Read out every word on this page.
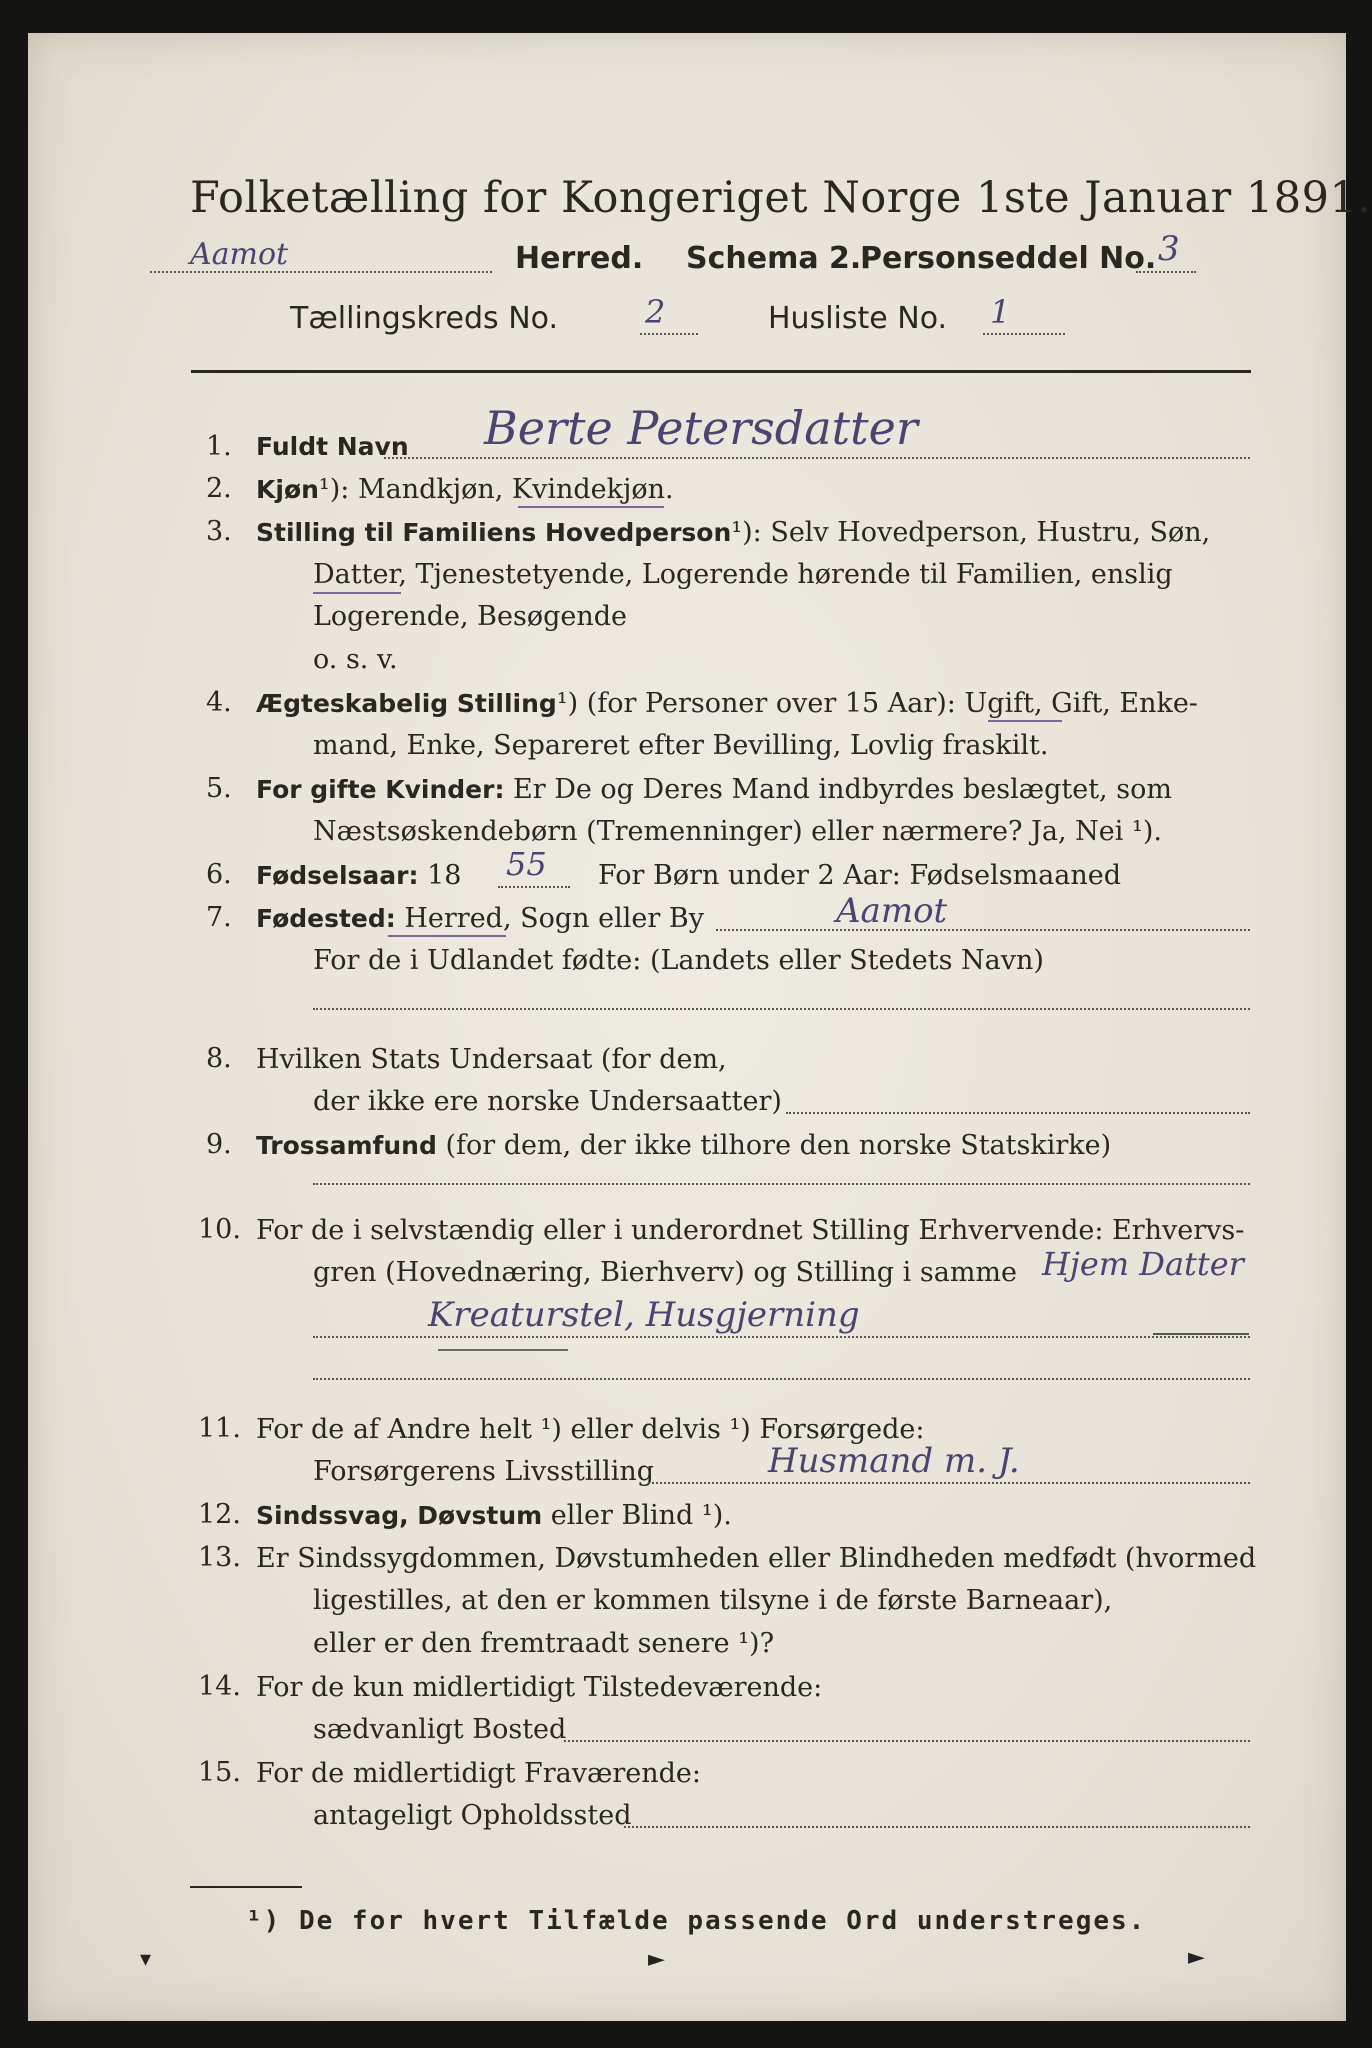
Folketælling for Kongeriget Norge 1ste Januar 1891.
Aamot	Herred. Schema 2.
Personseddel No. 3
Tællingskreds No.	2	Husliste No. 1
1. Fuldt Navn Berte Petersdatter
2. Kjøn¹): Mandkjøn, Kvindekjøn.
3. Stilling til Familiens Hovedperson¹): Selv Hovedperson, Hustru, Søn,
Datter, Tjenestetyende, Logerende hørende til Familien, enslig
Logerende, Besøgende
o. s. v.
4. Ægteskabelig Stilling¹) (for Personer over 15 Aar): Ugift, Gift, Enke-
mand, Enke, Separeret efter Bevilling, Lovlig fraskilt.
5. For gifte Kvinder: Er De og Deres Mand indbyrdes beslægtet, som
Næstsøskendebørn (Tremenninger) eller nærmere? Ja, Nei ¹).
6. Fødselsaar: 18 55 For Børn under 2 Aar: Fødselsmaaned
7. Fødested: Herred, Sogn eller By	Aamot
For de i Udlandet fødte: (Landets eller Stedets Navn)
8. Hvilken Stats Undersaat (for dem,
der ikke ere norske Undersaatter)
9. Trossamfund (for dem, der ikke tilhore den norske Statskirke)
10. For de i selvstændig eller i underordnet Stilling Erhvervende: Erhvervs-
gren (Hovednæring, Bierhverv) og Stilling i samme Hjem Datter
Kreaturstel, Husgjerning
11. For de af Andre helt ¹) eller delvis ¹) Forsørgede:
Forsørgerens Livsstilling	Husmand m. J.
12. Sindssvag, Døvstum eller Blind ¹).
13. Er Sindssygdommen, Døvstumheden eller Blindheden medfødt (hvormed
ligestilles, at den er kommen tilsyne i de første Barneaar),
eller er den fremtraadt senere ¹)?
14. For de kun midlertidigt Tilstedeværende:
sædvanligt Bosted
15. For de midlertidigt Fraværende:
antageligt Opholdssted
¹) De for hvert Tilfælde passende Ord understreges.
▾	►	►
